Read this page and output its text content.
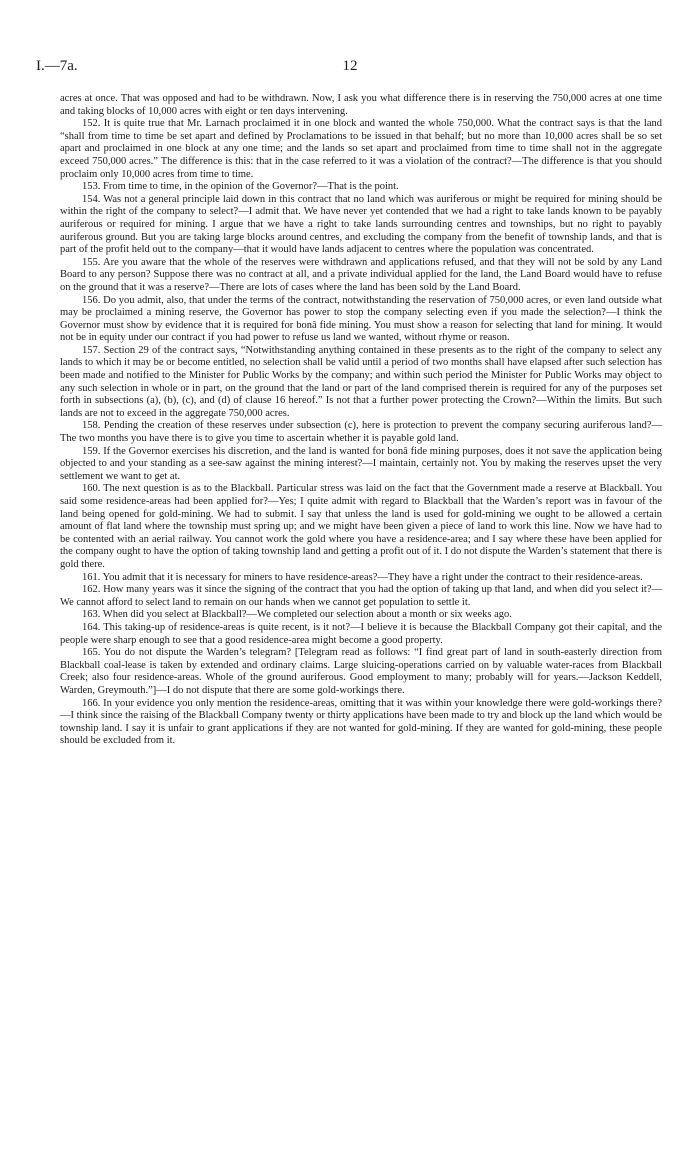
I.—7a.	12

acres at once. That was opposed and had to be withdrawn. Now, I ask you what difference there is in reserving the 750,000 acres at one time and taking blocks of 10,000 acres with eight or ten days intervening.

152. It is quite true that Mr. Larnach proclaimed it in one block and wanted the whole 750,000. What the contract says is that the land “shall from time to time be set apart and defined by Proclamations to be issued in that behalf; but no more than 10,000 acres shall be so set apart and proclaimed in one block at any one time; and the lands so set apart and proclaimed from time to time shall not in the aggregate exceed 750,000 acres.” The difference is this: that in the case referred to it was a violation of the contract?—The difference is that you should proclaim only 10,000 acres from time to time.

153. From time to time, in the opinion of the Governor?—That is the point.

154. Was not a general principle laid down in this contract that no land which was auriferous or might be required for mining should be within the right of the company to select?—I admit that. We have never yet contended that we had a right to take lands known to be payably auriferous or required for mining. I argue that we have a right to take lands surrounding centres and townships, but no right to payably auriferous ground. But you are taking large blocks around centres, and excluding the company from the benefit of township lands, and that is part of the profit held out to the company—that it would have lands adjacent to centres where the population was concentrated.

155. Are you aware that the whole of the reserves were withdrawn and applications refused, and that they will not be sold by any Land Board to any person? Suppose there was no contract at all, and a private individual applied for the land, the Land Board would have to refuse on the ground that it was a reserve?—There are lots of cases where the land has been sold by the Land Board.

156. Do you admit, also, that under the terms of the contract, notwithstanding the reservation of 750,000 acres, or even land outside what may be proclaimed a mining reserve, the Governor has power to stop the company selecting even if you made the selection?—I think the Governor must show by evidence that it is required for bonâ fide mining. You must show a reason for selecting that land for mining. It would not be in equity under our contract if you had power to refuse us land we wanted, without rhyme or reason.

157. Section 29 of the contract says, “Notwithstanding anything contained in these presents as to the right of the company to select any lands to which it may be or become entitled, no selection shall be valid until a period of two months shall have elapsed after such selection has been made and notified to the Minister for Public Works by the company; and within such period the Minister for Public Works may object to any such selection in whole or in part, on the ground that the land or part of the land comprised therein is required for any of the purposes set forth in subsections (a), (b), (c), and (d) of clause 16 hereof.” Is not that a further power protecting the Crown?—Within the limits. But such lands are not to exceed in the aggregate 750,000 acres.

158. Pending the creation of these reserves under subsection (c), here is protection to prevent the company securing auriferous land?—The two months you have there is to give you time to ascertain whether it is payable gold land.

159. If the Governor exercises his discretion, and the land is wanted for bonâ fide mining purposes, does it not save the application being objected to and your standing as a see-saw against the mining interest?—I maintain, certainly not. You by making the reserves upset the very settlement we want to get at.

160. The next question is as to the Blackball. Particular stress was laid on the fact that the Government made a reserve at Blackball. You said some residence-areas had been applied for?—Yes; I quite admit with regard to Blackball that the Warden’s report was in favour of the land being opened for gold-mining. We had to submit. I say that unless the land is used for gold-mining we ought to be allowed a certain amount of flat land where the township must spring up; and we might have been given a piece of land to work this line. Now we have had to be contented with an aerial railway. You cannot work the gold where you have a residence-area; and I say where these have been applied for the company ought to have the option of taking township land and getting a profit out of it. I do not dispute the Warden’s statement that there is gold there.

161. You admit that it is necessary for miners to have residence-areas?—They have a right under the contract to their residence-areas.

162. How many years was it since the signing of the contract that you had the option of taking up that land, and when did you select it?—We cannot afford to select land to remain on our hands when we cannot get population to settle it.

163. When did you select at Blackball?—We completed our selection about a month or six weeks ago.

164. This taking-up of residence-areas is quite recent, is it not?—I believe it is because the Blackball Company got their capital, and the people were sharp enough to see that a good residence-area might become a good property.

165. You do not dispute the Warden’s telegram? [Telegram read as follows: “I find great part of land in south-easterly direction from Blackball coal-lease is taken by extended and ordinary claims. Large sluicing-operations carried on by valuable water-races from Blackball Creek; also four residence-areas. Whole of the ground auriferous. Good employment to many; probably will for years.—Jackson Keddell, Warden, Greymouth.”]—I do not dispute that there are some gold-workings there.

166. In your evidence you only mention the residence-areas, omitting that it was within your knowledge there were gold-workings there?—I think since the raising of the Blackball Company twenty or thirty applications have been made to try and block up the land which would be township land. I say it is unfair to grant applications if they are not wanted for gold-mining. If they are wanted for gold-mining, these people should be excluded from it.
